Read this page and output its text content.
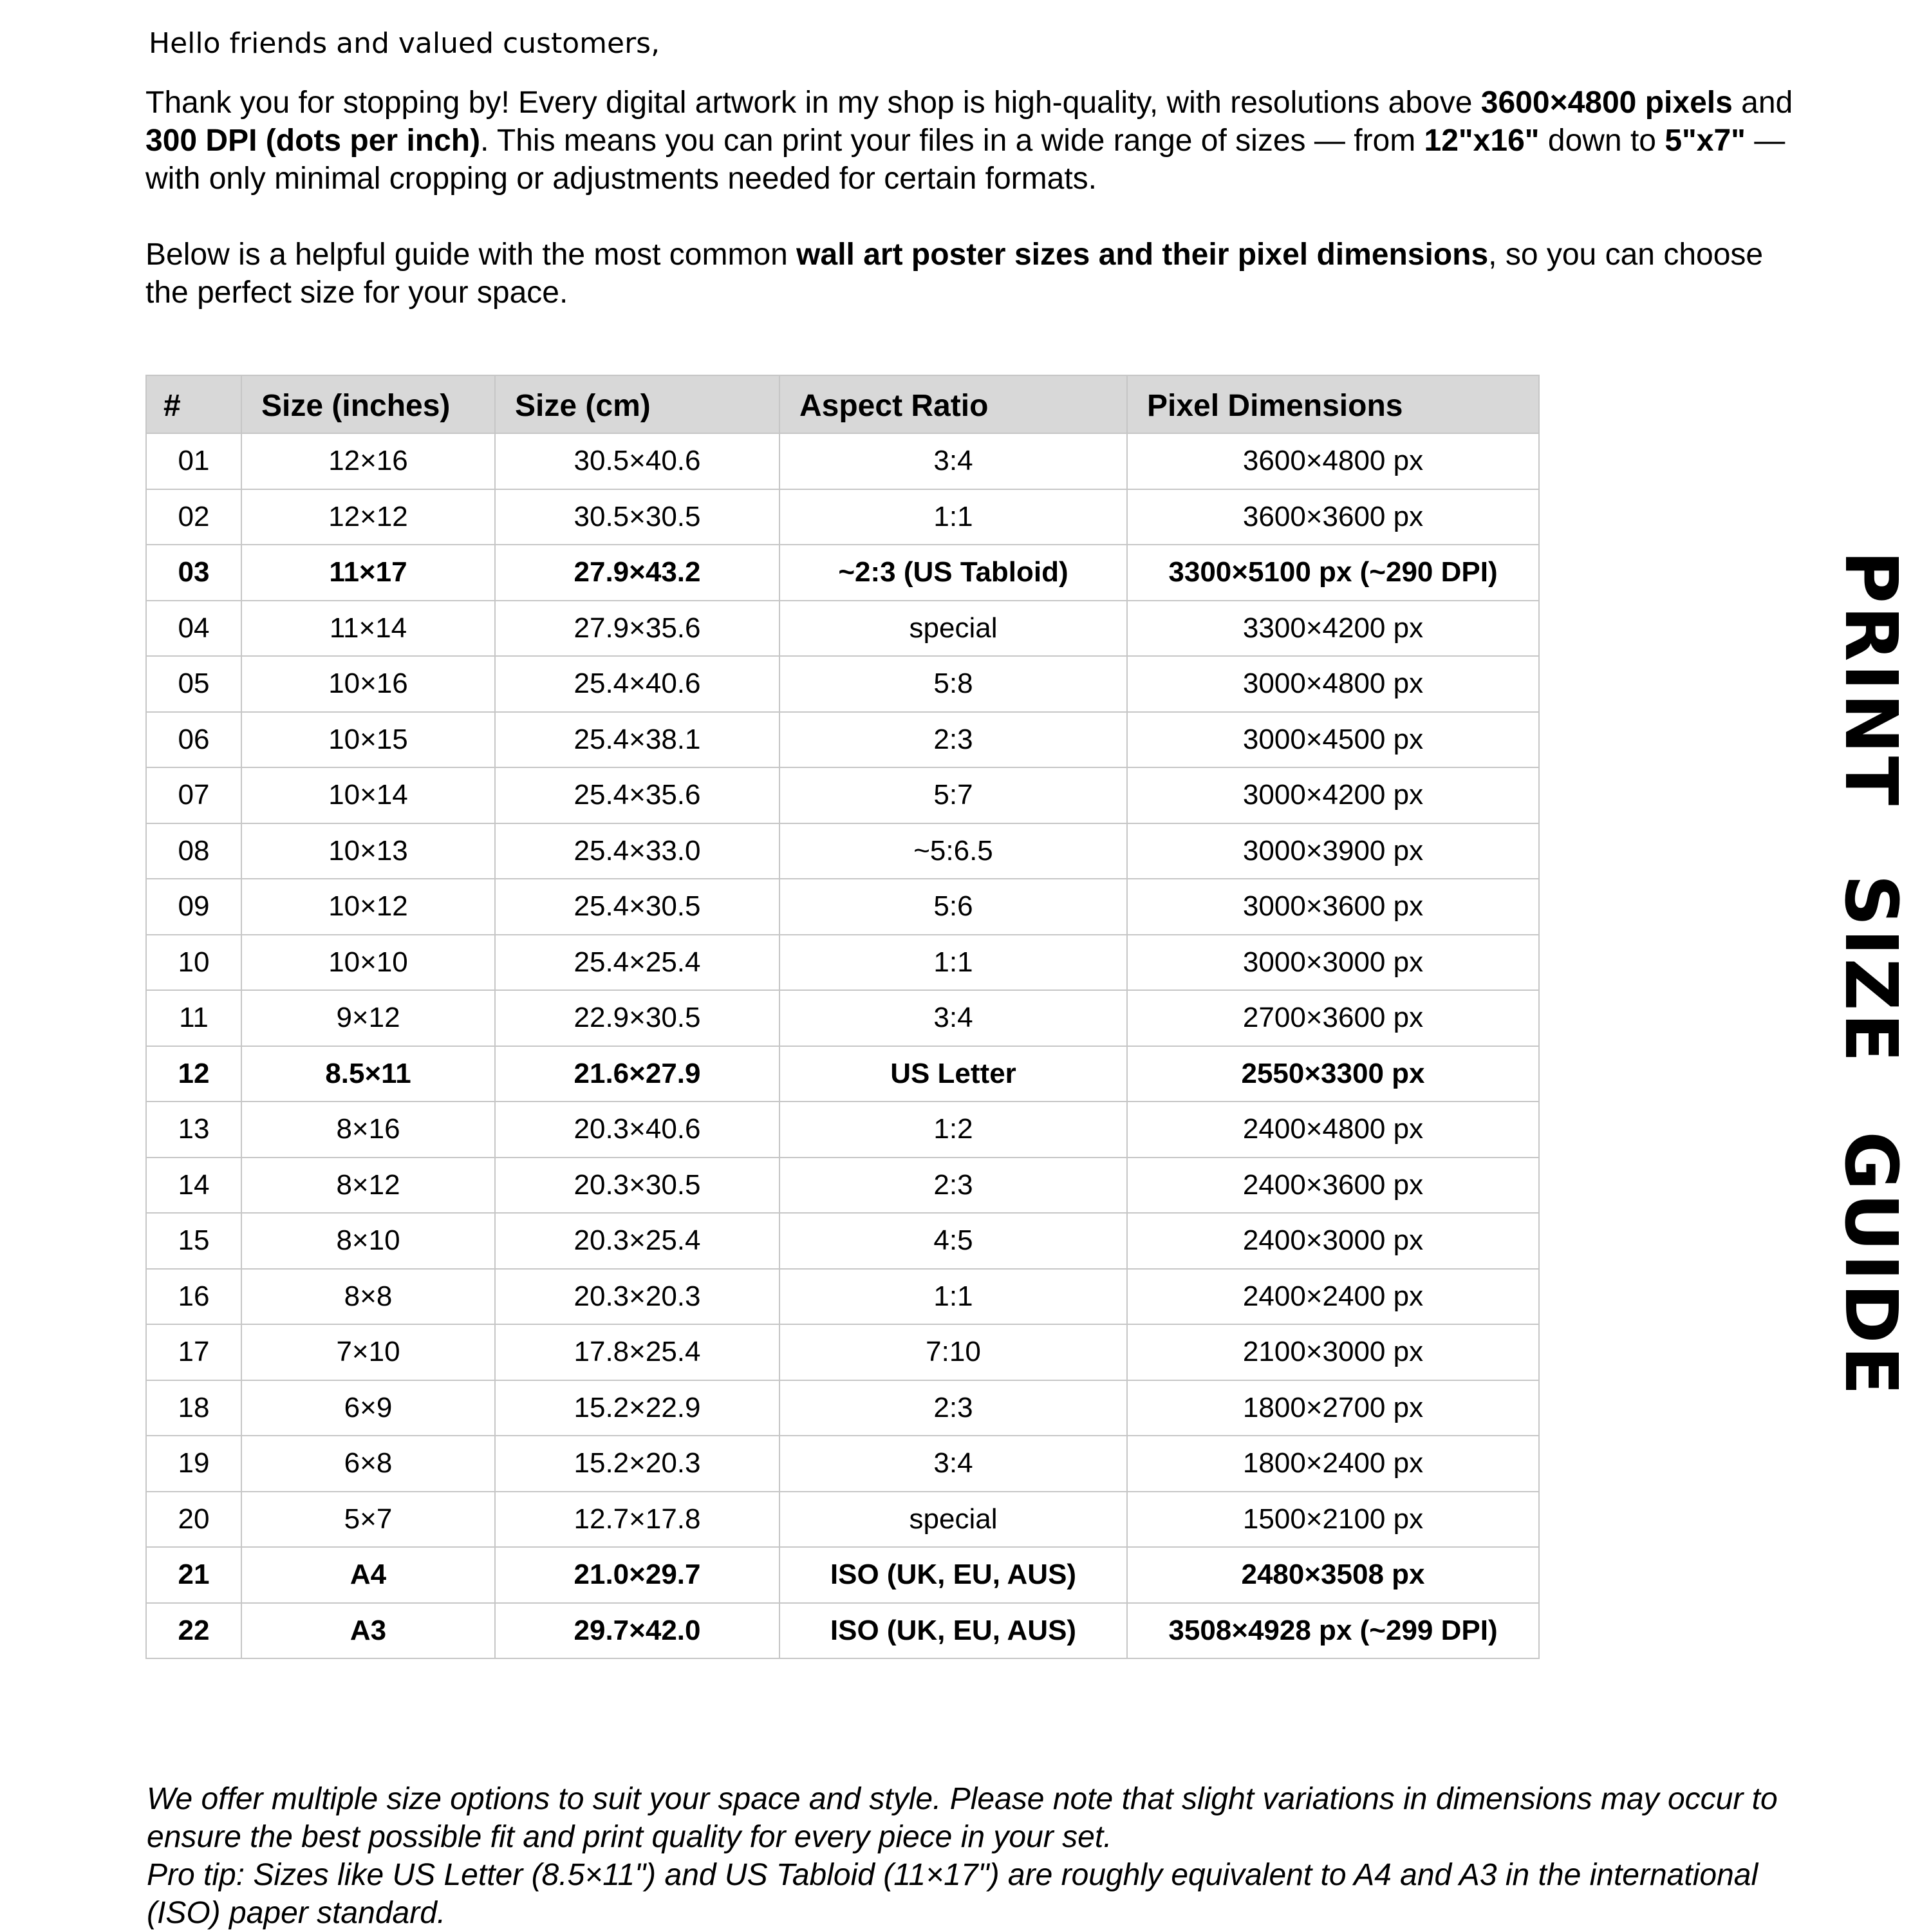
Hello friends and valued customers,

Thank you for stopping by! Every digital artwork in my shop is high-quality, with resolutions above 3600×4800 pixels and 300 DPI (dots per inch). This means you can print your files in a wide range of sizes — from 12"x16" down to 5"x7" — with only minimal cropping or adjustments needed for certain formats.

Below is a helpful guide with the most common wall art poster sizes and their pixel dimensions, so you can choose the perfect size for your space.

#	Size (inches)	Size (cm)	Aspect Ratio	Pixel Dimensions
01	12×16	30.5×40.6	3:4	3600×4800 px
02	12×12	30.5×30.5	1:1	3600×3600 px
03	11×17	27.9×43.2	~2:3 (US Tabloid)	3300×5100 px (~290 DPI)
04	11×14	27.9×35.6	special	3300×4200 px
05	10×16	25.4×40.6	5:8	3000×4800 px
06	10×15	25.4×38.1	2:3	3000×4500 px
07	10×14	25.4×35.6	5:7	3000×4200 px
08	10×13	25.4×33.0	~5:6.5	3000×3900 px
09	10×12	25.4×30.5	5:6	3000×3600 px
10	10×10	25.4×25.4	1:1	3000×3000 px
11	9×12	22.9×30.5	3:4	2700×3600 px
12	8.5×11	21.6×27.9	US Letter	2550×3300 px
13	8×16	20.3×40.6	1:2	2400×4800 px
14	8×12	20.3×30.5	2:3	2400×3600 px
15	8×10	20.3×25.4	4:5	2400×3000 px
16	8×8	20.3×20.3	1:1	2400×2400 px
17	7×10	17.8×25.4	7:10	2100×3000 px
18	6×9	15.2×22.9	2:3	1800×2700 px
19	6×8	15.2×20.3	3:4	1800×2400 px
20	5×7	12.7×17.8	special	1500×2100 px
21	A4	21.0×29.7	ISO (UK, EU, AUS)	2480×3508 px
22	A3	29.7×42.0	ISO (UK, EU, AUS)	3508×4928 px (~299 DPI)
PRINT SIZE GUIDE

We offer multiple size options to suit your space and style. Please note that slight variations in dimensions may occur to ensure the best possible fit and print quality for every piece in your set.

Pro tip: Sizes like US Letter (8.5×11") and US Tabloid (11×17") are roughly equivalent to A4 and A3 in the international (ISO) paper standard.
